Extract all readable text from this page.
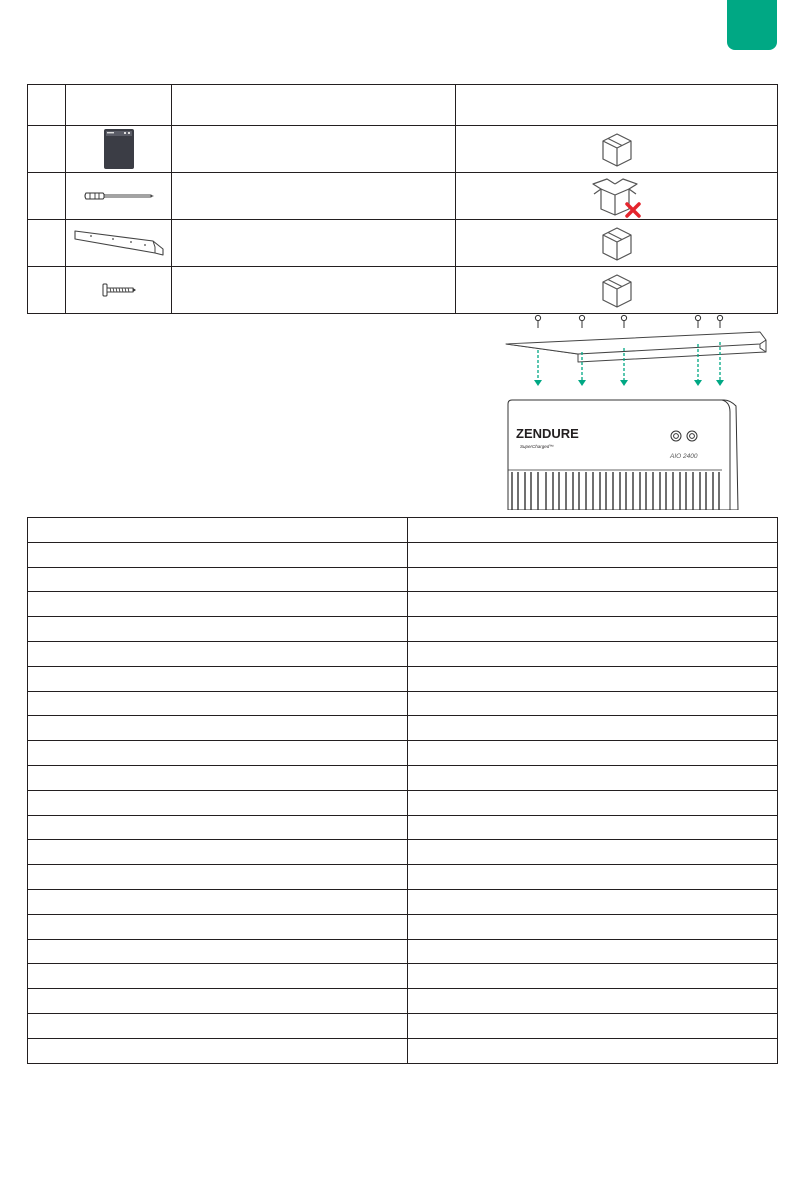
ZENDURE
SuperCharged™
AIO 2400
